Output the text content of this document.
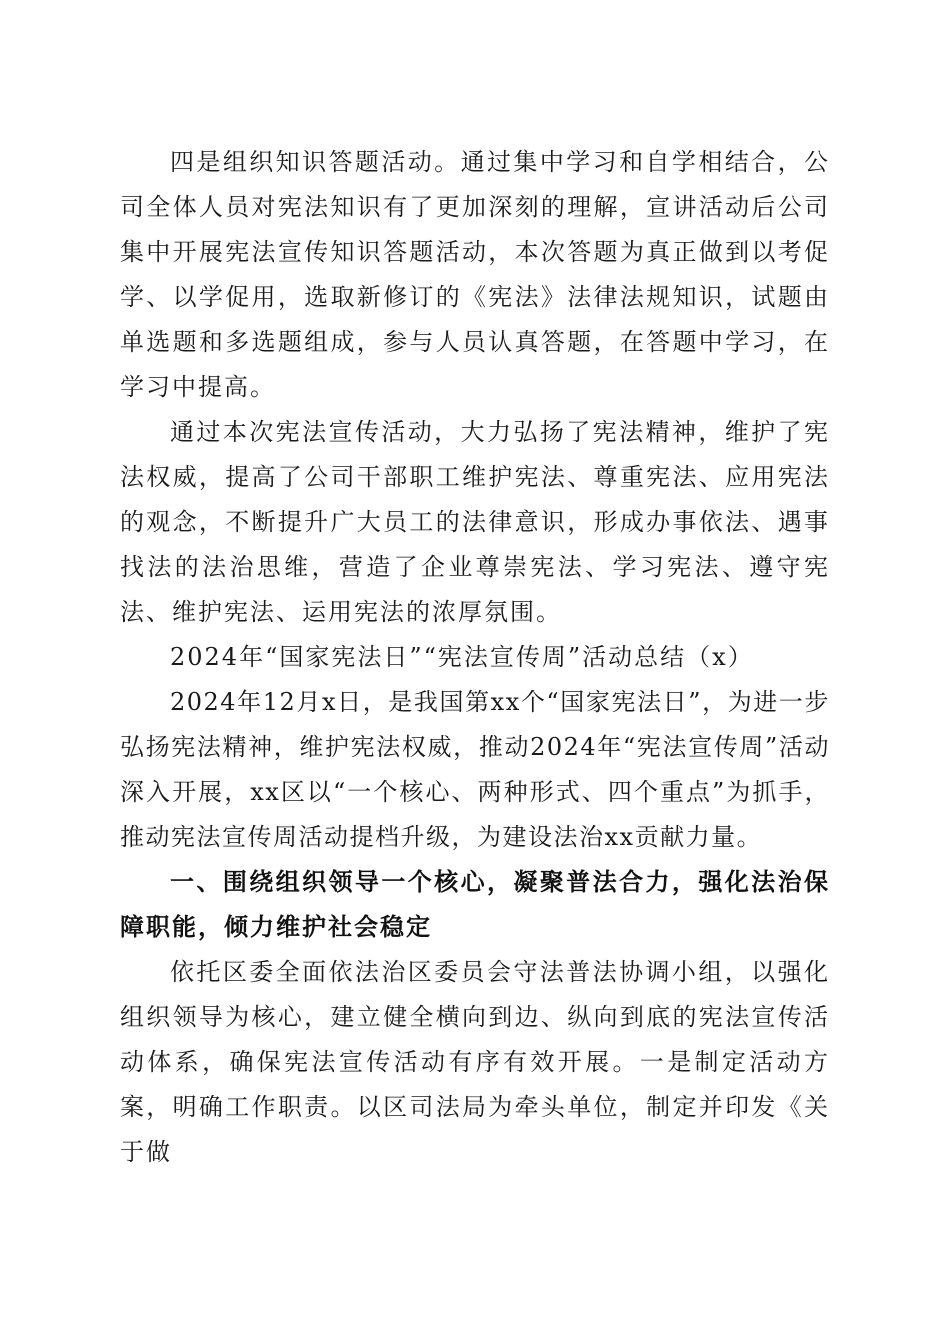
四是组织知识答题活动。通过集中学习和自学相结合，公司全体人员对宪法知识有了更加深刻的理解，宣讲活动后公司集中开展宪法宣传知识答题活动，本次答题为真正做到以考促学、以学促用，选取新修订的《宪法》法律法规知识，试题由单选题和多选题组成，参与人员认真答题，在答题中学习，在学习中提高。

通过本次宪法宣传活动，大力弘扬了宪法精神，维护了宪法权威，提高了公司干部职工维护宪法、尊重宪法、应用宪法的观念，不断提升广大员工的法律意识，形成办事依法、遇事找法的法治思维，营造了企业尊崇宪法、学习宪法、遵守宪法、维护宪法、运用宪法的浓厚氛围。

2024年“国家宪法日”“宪法宣传周”活动总结（x）

2024年12月x日，是我国第xx个“国家宪法日”，为进一步弘扬宪法精神，维护宪法权威，推动2024年“宪法宣传周”活动深入开展，xx区以“一个核心、两种形式、四个重点”为抓手，推动宪法宣传周活动提档升级，为建设法治xx贡献力量。

一、围绕组织领导一个核心，凝聚普法合力，强化法治保障职能，倾力维护社会稳定

依托区委全面依法治区委员会守法普法协调小组，以强化组织领导为核心，建立健全横向到边、纵向到底的宪法宣传活动体系，确保宪法宣传活动有序有效开展。一是制定活动方案，明确工作职责。以区司法局为牵头单位，制定并印发《关于做
